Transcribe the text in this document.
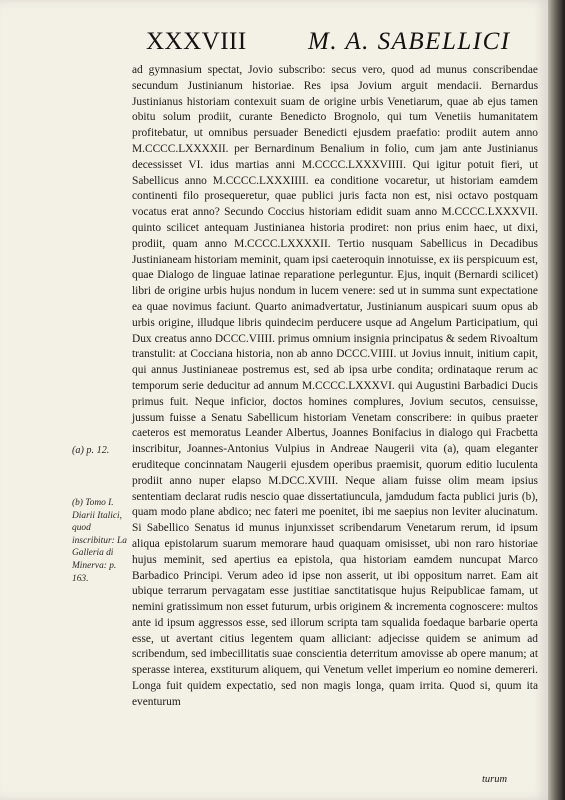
XXXVIII M. A. SABELLICI

ad gymnasium spectat, Jovio subscribo: secus vero, quod ad munus conscribendae secundum Justinianum historiae. Res ipsa Jovium arguit mendacii. Bernardus Justinianus historiam contexuit suam de origine urbis Venetiarum, quae ab ejus tamen obitu solum prodiit, curante Benedicto Brognolo, qui tum Venetiis humanitatem profitebatur, ut omnibus persuader Benedicti ejusdem praefatio: prodiit autem anno M.CCCC.LXXXXII. per Bernardinum Benalium in folio, cum jam ante Justinianus decessisset VI. idus martias anni M.CCCC.LXXXVIIII. Qui igitur potuit fieri, ut Sabellicus anno M.CCCC.LXXXIIII. ea conditione vocaretur, ut historiam eamdem continenti filo prosequeretur, quae publici juris facta non est, nisi octavo postquam vocatus erat anno? Secundo Coccius historiam edidit suam anno M.CCCC.LXXXVII. quinto scilicet antequam Justinianea historia prodiret: non prius enim haec, ut dixi, prodiit, quam anno M.CCCC.LXXXXII. Tertio nusquam Sabellicus in Decadibus Justinianeam historiam meminit, quam ipsi caeteroquin innotuisse, ex iis perspicuum est, quae Dialogo de linguae latinae reparatione perleguntur. Ejus, inquit (Bernardi scilicet) libri de origine urbis hujus nondum in lucem venere: sed ut in summa sunt expectatione ea quae novimus faciunt. Quarto animadvertatur, Justinianum auspicari suum opus ab urbis origine, illudque libris quindecim perducere usque ad Angelum Participatium, qui Dux creatus anno DCCC.VIIII. primus omnium insignia principatus & sedem Rivoaltum transtulit: at Cocciana historia, non ab anno DCCC.VIIII. ut Jovius innuit, initium capit, qui annus Justinianeae postremus est, sed ab ipsa urbe condita; ordinataque rerum ac temporum serie deducitur ad annum M.CCCC.LXXXVI. qui Augustini Barbadici Ducis primus fuit. Neque inficior, doctos homines complures, Jovium secutos, censuisse, jussum fuisse a Senatu Sabellicum historiam Venetam conscribere: in quibus praeter caeteros est memoratus Leander Albertus, Joannes Bonifacius in dialogo qui Fracbetta inscribitur, Joannes-Antonius Vulpius in Andreae Naugerii vita (a), quam eleganter eruditeque concinnatam Naugerii ejusdem operibus praemisit, quorum editio luculenta prodiit anno nuper elapso M.DCC.XVIII. Neque aliam fuisse olim meam ipsius sententiam declarat rudis nescio quae dissertatiuncula, jamdudum facta publici juris (b), quam modo plane abdico; nec fateri me poenitet, ibi me saepius non leviter alucinatum. Si Sabellico Senatus id munus injunxisset scribendarum Venetarum rerum, id ipsum aliqua epistolarum suarum memorare haud quaquam omisisset, ubi non raro historiae hujus meminit, sed apertius ea epistola, qua historiam eamdem nuncupat Marco Barbadico Principi. Verum adeo id ipse non asserit, ut ibi oppositum narret. Eam ait ubique terrarum pervagatam esse justitiae sanctitatisque hujus Reipublicae famam, ut nemini gratissimum non esset futurum, urbis originem & incrementa cognoscere: multos ante id ipsum aggressos esse, sed illorum scripta tam squalida foedaque barbarie operta esse, ut avertant citius legentem quam alliciant: adjecisse quidem se animum ad scribendum, sed imbecillitatis suae conscientia deterritum amovisse ab opere manum; at sperasse interea, exstiturum aliquem, qui Venetum vellet imperium eo nomine demereri. Longa fuit quidem expectatio, sed non magis longa, quam irrita. Quod si, quum ita eventurum

(a) p. 12.
(b) Tomo I. Diarii Italici, quod inscribitur: La Galleria di Minerva: p. 163.
turum
